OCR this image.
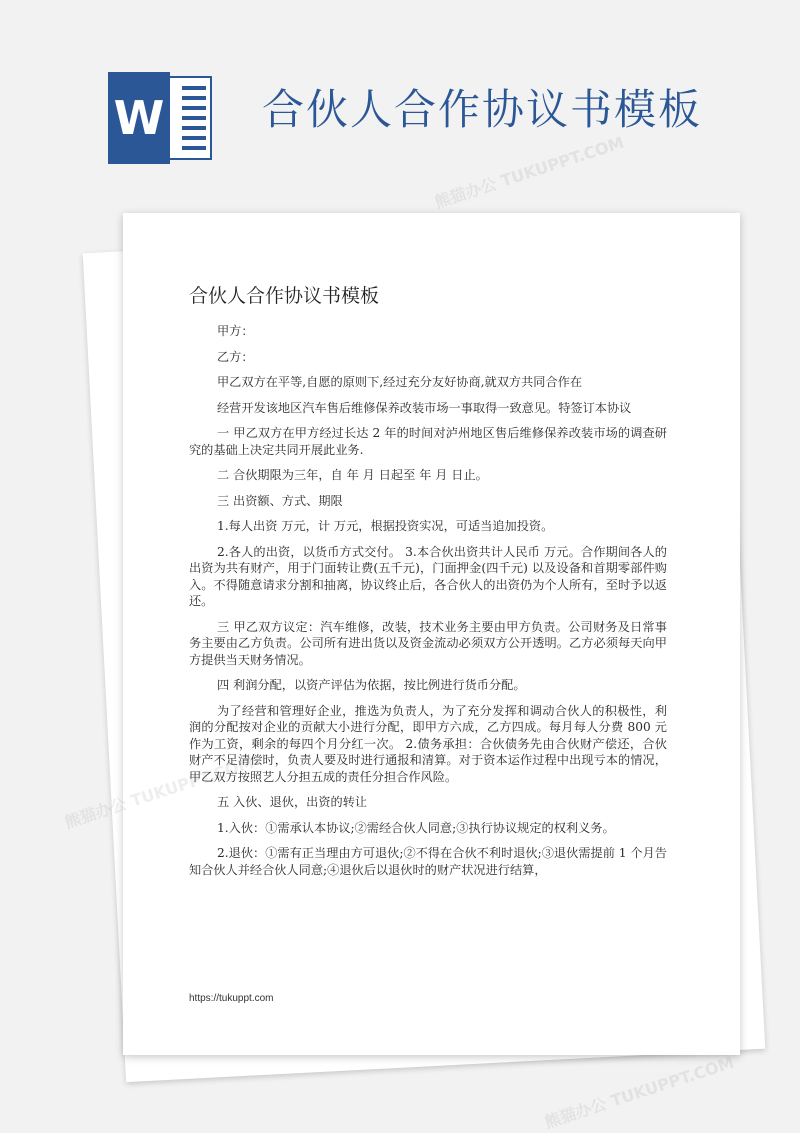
W 合伙人合作协议书模板
合伙人合作协议书模板

甲方：

乙方：

甲乙双方在平等,自愿的原则下,经过充分友好协商,就双方共同合作在

经营开发该地区汽车售后维修保养改装市场一事取得一致意见。特签订本协议

一 甲乙双方在甲方经过长达 2 年的时间对泸州地区售后维修保养改装市场的调查研究的基础上决定共同开展此业务.

二 合伙期限为三年，自 年 月 日起至 年 月 日止。

三 出资额、方式、期限

1.每人出资 万元，计 万元，根据投资实况，可适当追加投资。

2.各人的出资，以货币方式交付。 3.本合伙出资共计人民币 万元。合作期间各人的出资为共有财产，用于门面转让费(五千元)，门面押金(四千元) 以及设备和首期零部件购入。不得随意请求分割和抽离，协议终止后，各合伙人的出资仍为个人所有，至时予以返还。

三 甲乙双方议定：汽车维修，改装，技术业务主要由甲方负责。公司财务及日常事务主要由乙方负责。公司所有进出货以及资金流动必须双方公开透明。乙方必须每天向甲方提供当天财务情况。

四 利润分配，以资产评估为依据，按比例进行货币分配。

为了经营和管理好企业，推选为负责人，为了充分发挥和调动合伙人的积极性，利润的分配按对企业的贡献大小进行分配，即甲方六成，乙方四成。每月每人分费 800 元作为工资，剩余的每四个月分红一次。 2.债务承担：合伙债务先由合伙财产偿还，合伙财产不足清偿时，负责人要及时进行通报和清算。对于资本运作过程中出现亏本的情况，甲乙双方按照艺人分担五成的责任分担合作风险。

五 入伙、退伙，出资的转让

1.入伙：①需承认本协议;②需经合伙人同意;③执行协议规定的权利义务。

2.退伙：①需有正当理由方可退伙;②不得在合伙不利时退伙;③退伙需提前 1 个月告知合伙人并经合伙人同意;④退伙后以退伙时的财产状况进行结算，

https://tukuppt.com
熊猫办公 TUKUPPT.COM
熊猫办公
熊猫办公 TUKUPPT.COM
